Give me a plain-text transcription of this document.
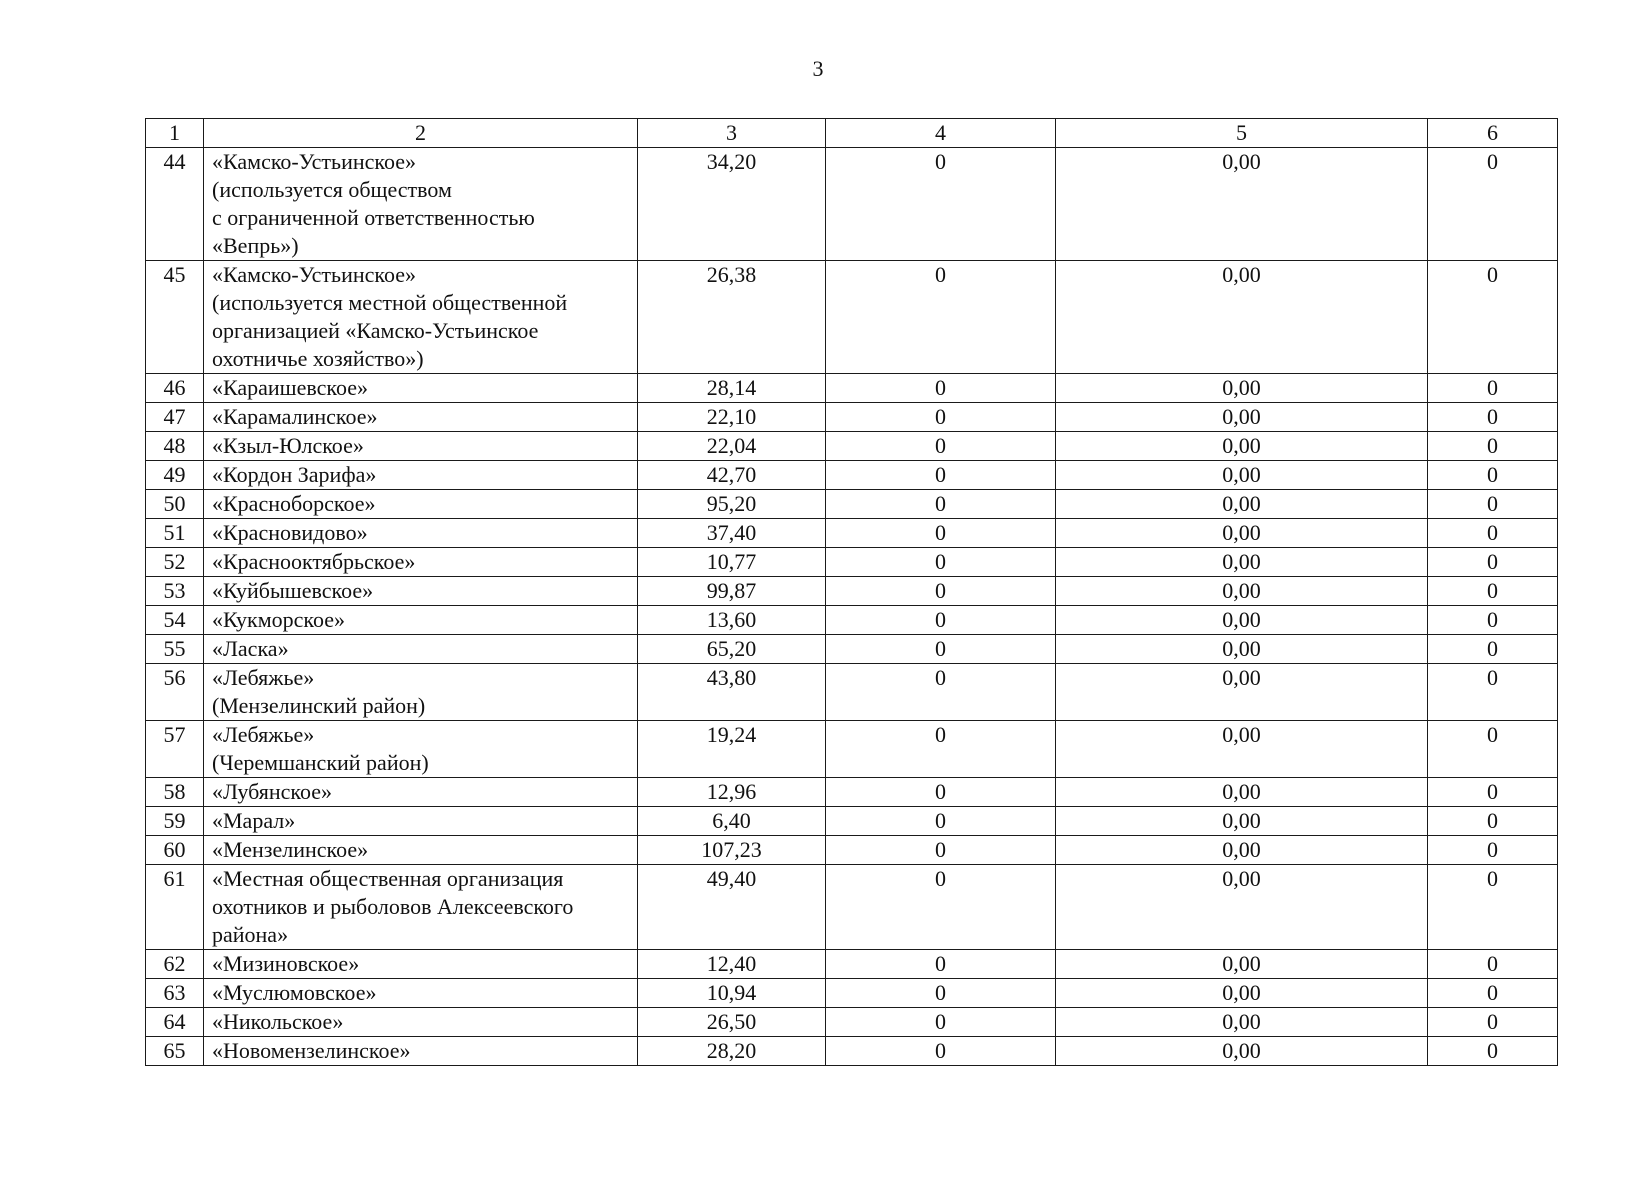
3
1	2	3	4	5	6
44	«Камско-Устьинское»
(используется обществом
с ограниченной ответственностью
«Вепрь»)	34,20	0	0,00	0
45	«Камско-Устьинское»
(используется местной общественной
организацией «Камско-Устьинское
охотничье хозяйство»)	26,38	0	0,00	0
46	«Караишевское»	28,14	0	0,00	0
47	«Карамалинское»	22,10	0	0,00	0
48	«Кзыл-Юлское»	22,04	0	0,00	0
49	«Кордон Зарифа»	42,70	0	0,00	0
50	«Красноборское»	95,20	0	0,00	0
51	«Красновидово»	37,40	0	0,00	0
52	«Краснооктябрьское»	10,77	0	0,00	0
53	«Куйбышевское»	99,87	0	0,00	0
54	«Кукморское»	13,60	0	0,00	0
55	«Ласка»	65,20	0	0,00	0
56	«Лебяжье»
(Мензелинский район)	43,80	0	0,00	0
57	«Лебяжье»
(Черемшанский район)	19,24	0	0,00	0
58	«Лубянское»	12,96	0	0,00	0
59	«Марал»	6,40	0	0,00	0
60	«Мензелинское»	107,23	0	0,00	0
61	«Местная общественная организация
охотников и рыболовов Алексеевского
района»	49,40	0	0,00	0
62	«Мизиновское»	12,40	0	0,00	0
63	«Муслюмовское»	10,94	0	0,00	0
64	«Никольское»	26,50	0	0,00	0
65	«Новомензелинское»	28,20	0	0,00	0
